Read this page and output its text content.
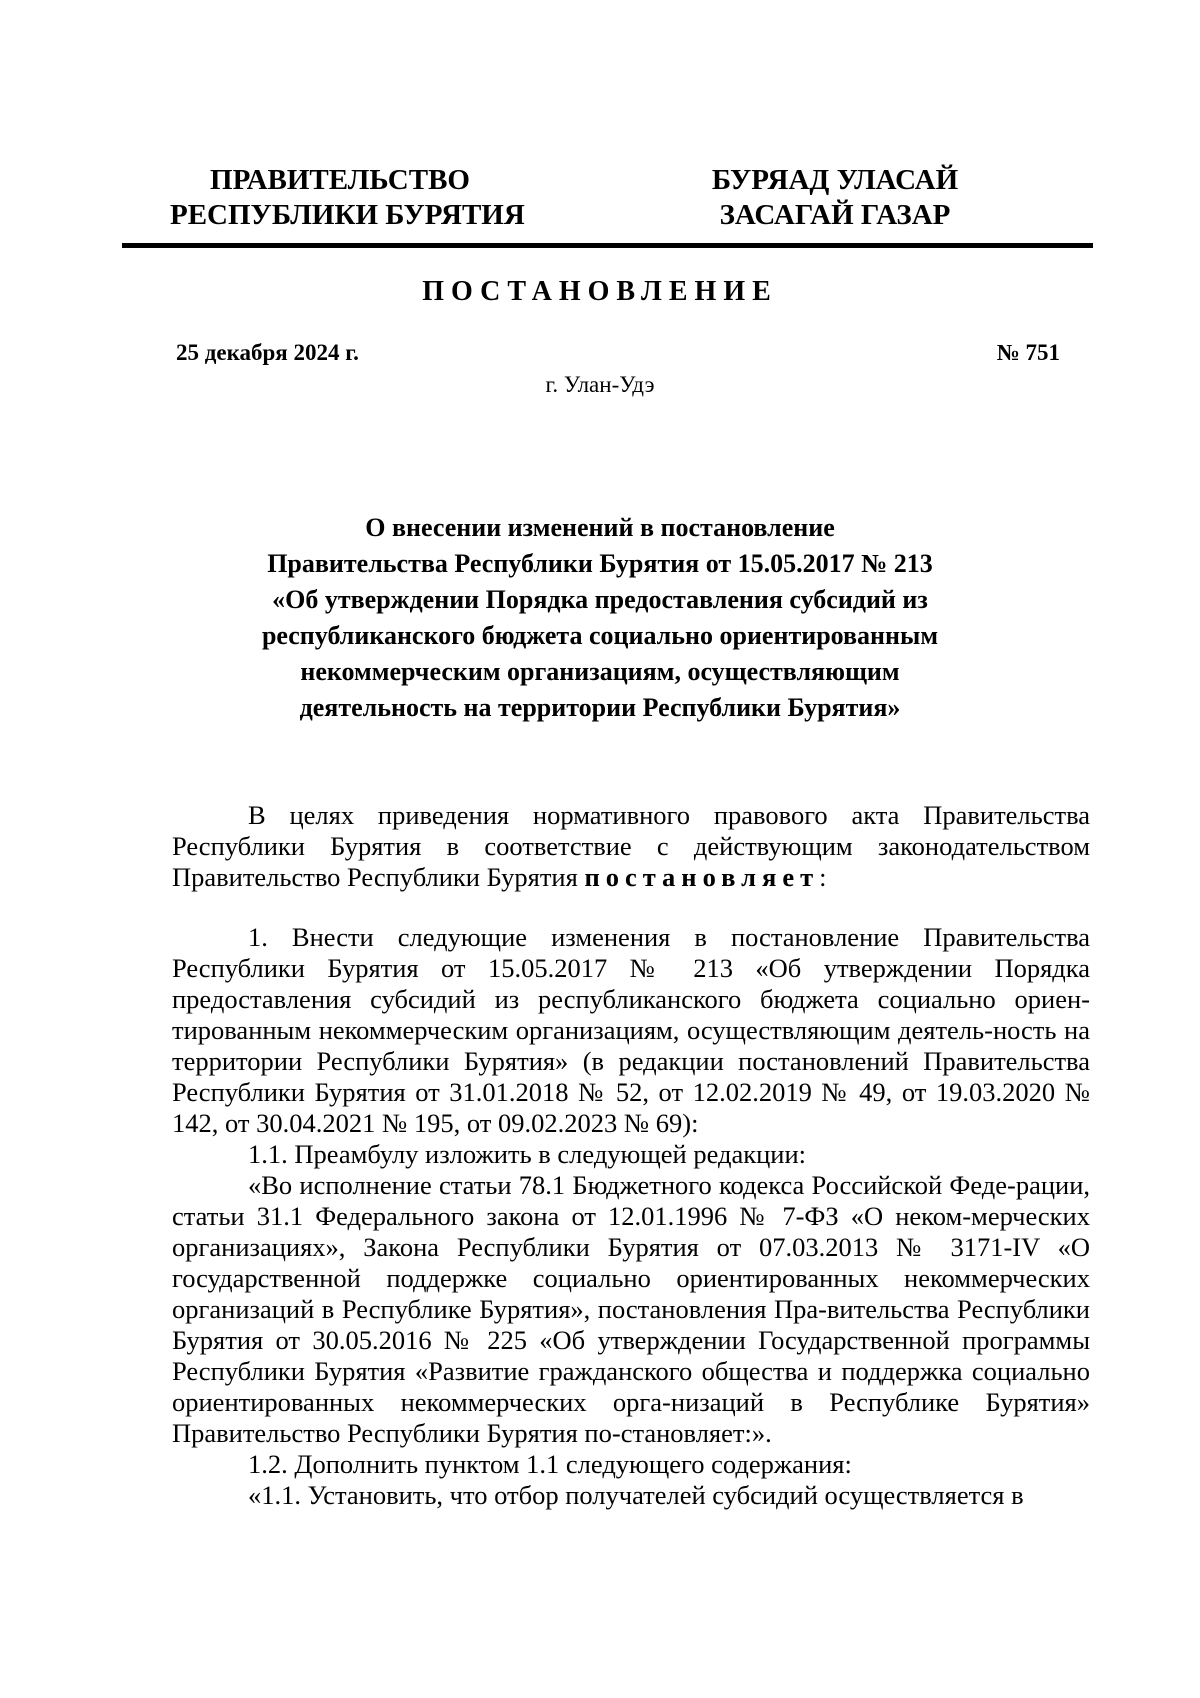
ПРАВИТЕЛЬСТВО
РЕСПУБЛИКИ БУРЯТИЯ
БУРЯАД УЛАСАЙ
ЗАСАГАЙ ГАЗАР
ПОСТАНОВЛЕНИЕ
25 декабря 2024 г.	№ 751
г. Улан-Удэ
О внесении изменений в постановление
Правительства Республики Бурятия от 15.05.2017 № 213
«Об утверждении Порядка предоставления субсидий из
республиканского бюджета социально ориентированным
некоммерческим организациям, осуществляющим
деятельность на территории Республики Бурятия»

В целях приведения нормативного правового акта Правительства Республики Бурятия в соответствие с действующим законодательством Правительство Республики Бурятия постановляет:

1. Внести следующие изменения в постановление Правительства Республики Бурятия от 15.05.2017 № 213 «Об утверждении Порядка предоставления субсидий из республиканского бюджета социально ориен-тированным некоммерческим организациям, осуществляющим деятель-ность на территории Республики Бурятия» (в редакции постановлений Правительства Республики Бурятия от 31.01.2018 № 52, от 12.02.2019 № 49, от 19.03.2020 № 142, от 30.04.2021 № 195, от 09.02.2023 № 69):

1.1. Преамбулу изложить в следующей редакции:

«Во исполнение статьи 78.1 Бюджетного кодекса Российской Феде-рации, статьи 31.1 Федерального закона от 12.01.1996 № 7-ФЗ «О неком-мерческих организациях», Закона Республики Бурятия от 07.03.2013 № 3171-IV «О государственной поддержке социально ориентированных некоммерческих организаций в Республике Бурятия», постановления Пра-вительства Республики Бурятия от 30.05.2016 № 225 «Об утверждении Государственной программы Республики Бурятия «Развитие гражданского общества и поддержка социально ориентированных некоммерческих орга-низаций в Республике Бурятия» Правительство Республики Бурятия по-становляет:».

1.2. Дополнить пунктом 1.1 следующего содержания:

«1.1. Установить, что отбор получателей субсидий осуществляется в
